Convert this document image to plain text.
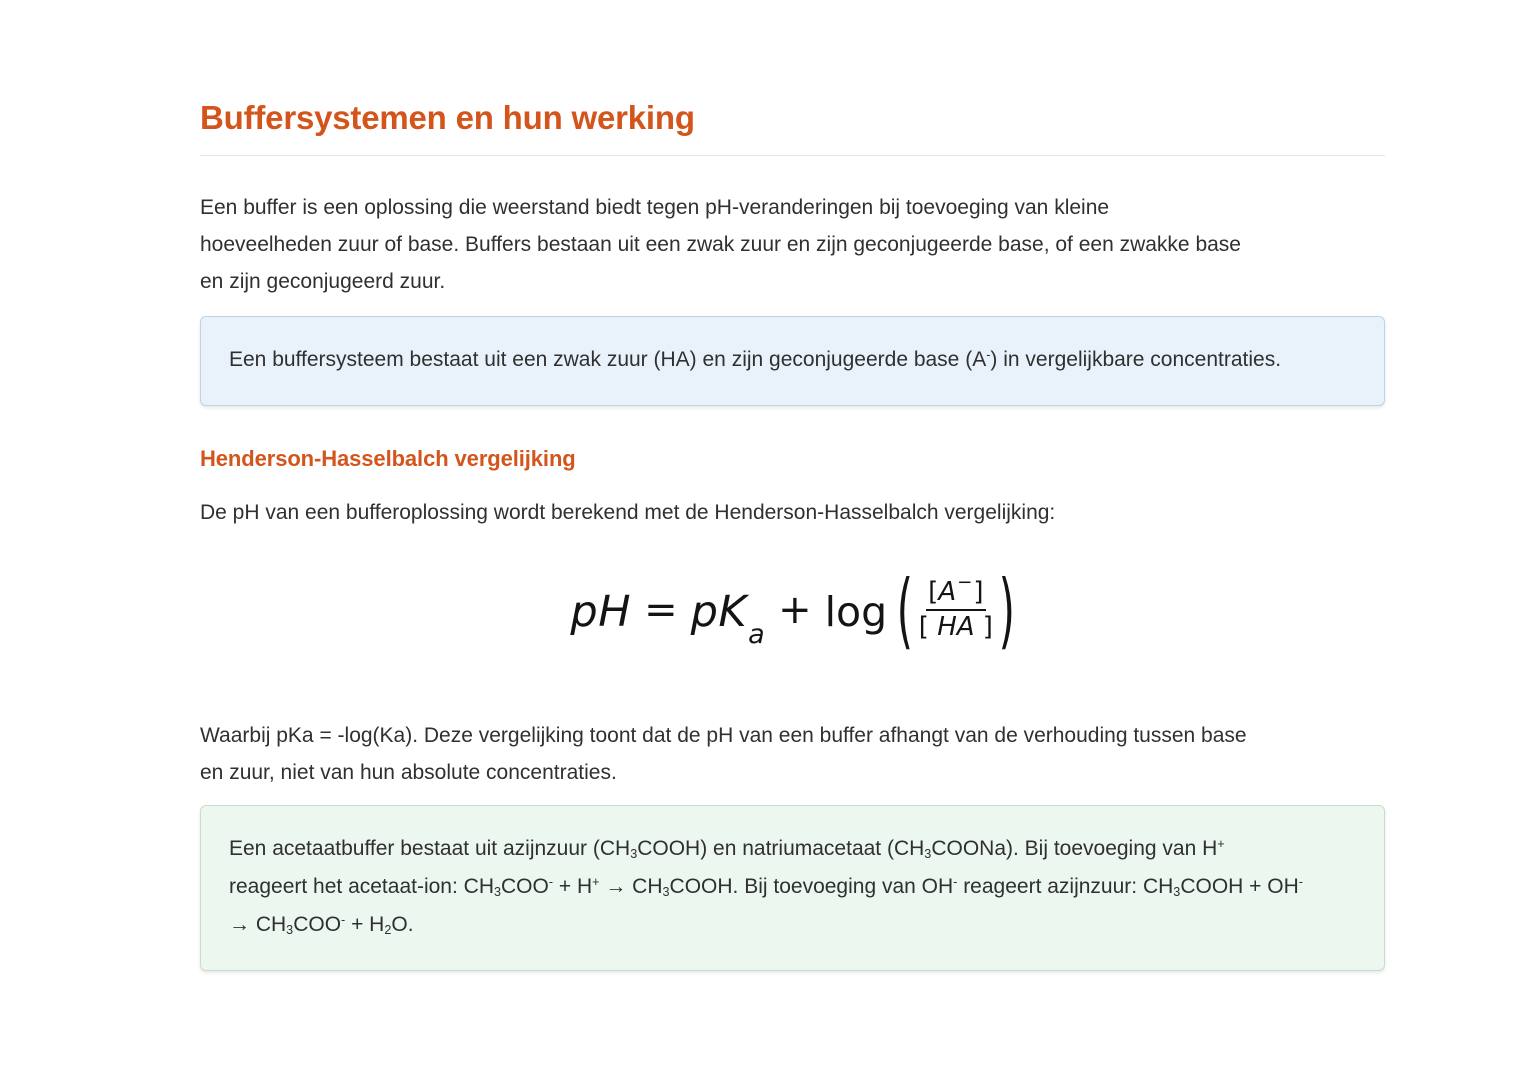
Buffersystemen en hun werking

Een buffer is een oplossing die weerstand biedt tegen pH-veranderingen bij toevoeging van kleine
hoeveelheden zuur of base. Buffers bestaan uit een zwak zuur en zijn geconjugeerde base, of een zwakke base
en zijn geconjugeerd zuur.

Een buffersysteem bestaat uit een zwak zuur (HA) en zijn geconjugeerde base (A-) in vergelijkbare concentraties.
Henderson-Hasselbalch vergelijking

De pH van een bufferoplossing wordt berekend met de Henderson-Hasselbalch vergelijking:

pH = pK a
+ log ( $\frac{[ A^- ]}{[ HA ]}$ )

Waarbij pKa = -log(Ka). Deze vergelijking toont dat de pH van een buffer afhangt van de verhouding tussen base
en zuur, niet van hun absolute concentraties.

Een acetaatbuffer bestaat uit azijnzuur $(CH_3COOH)$ en natriumacetaat $(CH_3COONa)$. Bij toevoeging van H+
reageert het acetaat-ion: $CH_3COO^- + H^+$ → $CH_3COOH$. Bij toevoeging van OH- reageert azijnzuur: $CH_3COOH + OH^-$
→ $CH_3COO^- + H_2O$.
